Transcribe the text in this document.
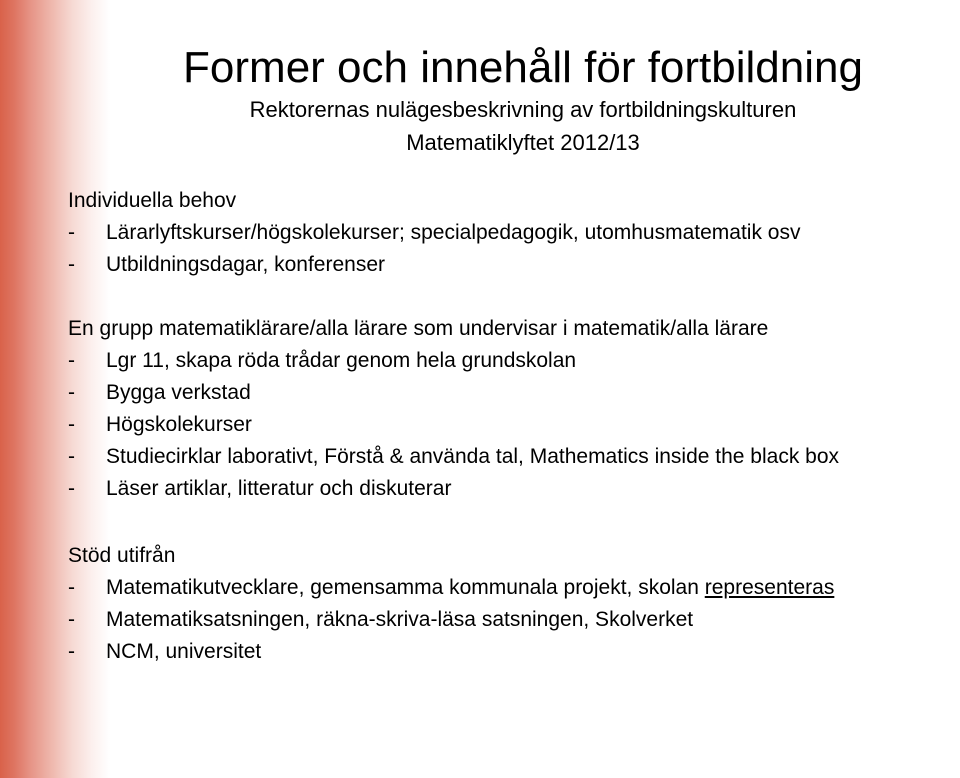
Former och innehåll för fortbildning
Rektorernas nulägesbeskrivning av fortbildningskulturen
Matematiklyftet 2012/13
Individuella behov
- Lärarlyftskurser/högskolekurser; specialpedagogik, utomhusmatematik osv
- Utbildningsdagar, konferenser
En grupp matematiklärare/alla lärare som undervisar i matematik/alla lärare
- Lgr 11, skapa röda trådar genom hela grundskolan
- Bygga verkstad
- Högskolekurser
- Studiecirklar laborativt, Förstå & använda tal, Mathematics inside the black box
- Läser artiklar, litteratur och diskuterar
Stöd utifrån
- Matematikutvecklare, gemensamma kommunala projekt, skolan representeras
- Matematiksatsningen, räkna-skriva-läsa satsningen, Skolverket
- NCM, universitet
